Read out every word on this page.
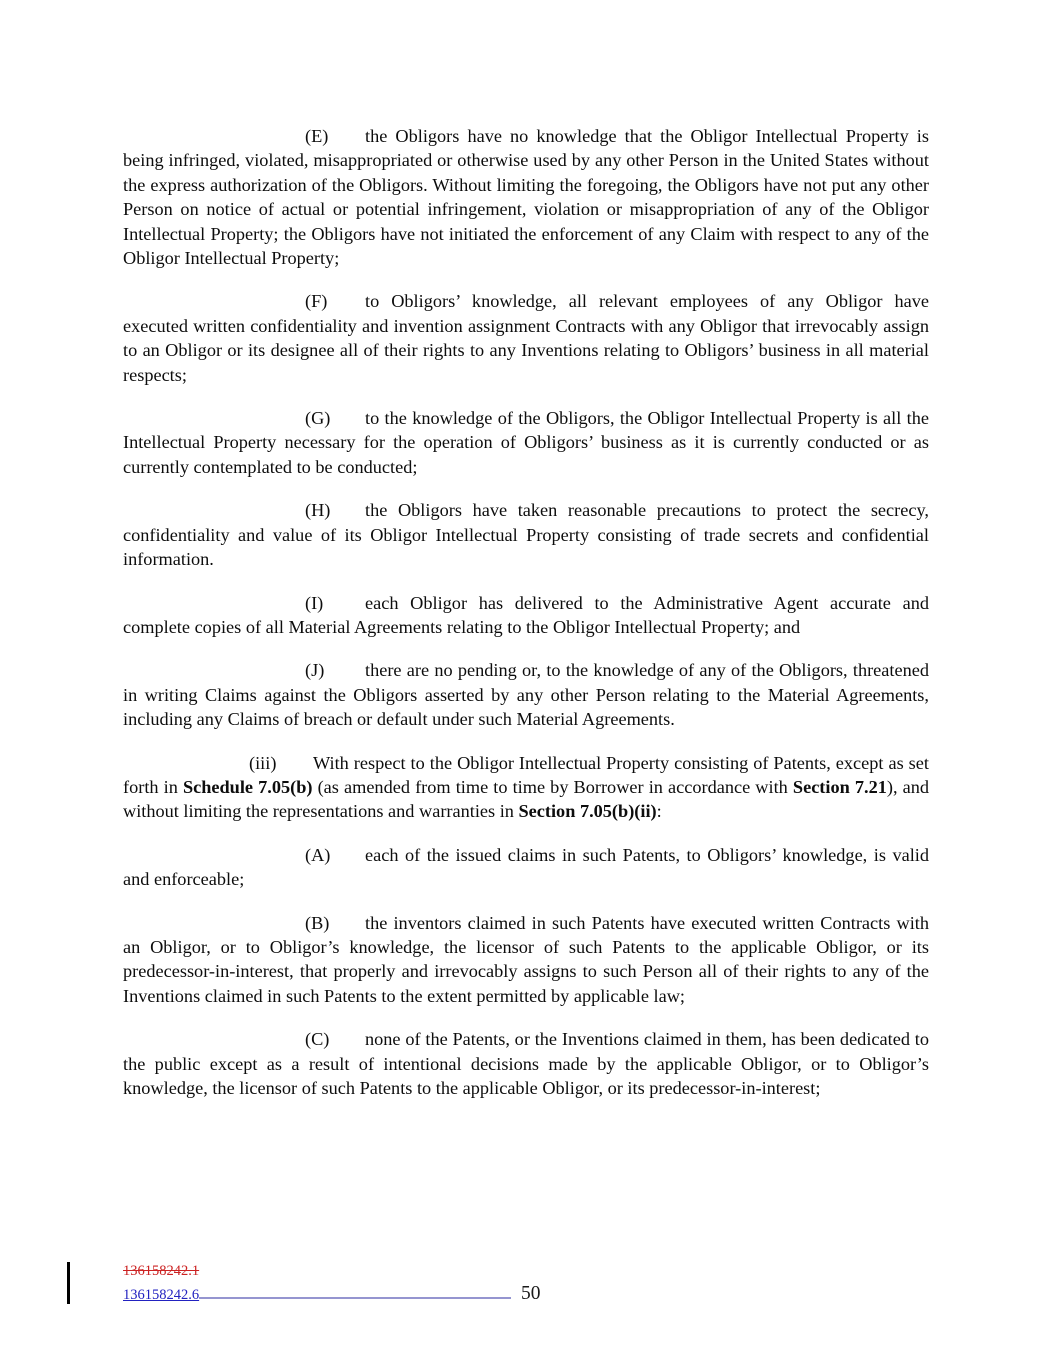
(E) the Obligors have no knowledge that the Obligor Intellectual Property is being infringed, violated, misappropriated or otherwise used by any other Person in the United States without the express authorization of the Obligors. Without limiting the foregoing, the Obligors have not put any other Person on notice of actual or potential infringement, violation or misappropriation of any of the Obligor Intellectual Property; the Obligors have not initiated the enforcement of any Claim with respect to any of the Obligor Intellectual Property;

(F) to Obligors’ knowledge, all relevant employees of any Obligor have executed written confidentiality and invention assignment Contracts with any Obligor that irrevocably assign to an Obligor or its designee all of their rights to any Inventions relating to Obligors’ business in all material respects;

(G) to the knowledge of the Obligors, the Obligor Intellectual Property is all the Intellectual Property necessary for the operation of Obligors’ business as it is currently conducted or as currently contemplated to be conducted;

(H) the Obligors have taken reasonable precautions to protect the secrecy, confidentiality and value of its Obligor Intellectual Property consisting of trade secrets and confidential information.

(I) each Obligor has delivered to the Administrative Agent accurate and complete copies of all Material Agreements relating to the Obligor Intellectual Property; and

(J) there are no pending or, to the knowledge of any of the Obligors, threatened in writing Claims against the Obligors asserted by any other Person relating to the Material Agreements, including any Claims of breach or default under such Material Agreements.

(iii) With respect to the Obligor Intellectual Property consisting of Patents, except as set forth in Schedule 7.05(b) (as amended from time to time by Borrower in accordance with Section 7.21), and without limiting the representations and warranties in Section 7.05(b)(ii):

(A) each of the issued claims in such Patents, to Obligors’ knowledge, is valid and enforceable;

(B) the inventors claimed in such Patents have executed written Contracts with an Obligor, or to Obligor’s knowledge, the licensor of such Patents to the applicable Obligor, or its predecessor-in-interest, that properly and irrevocably assigns to such Person all of their rights to any of the Inventions claimed in such Patents to the extent permitted by applicable law;

(C) none of the Patents, or the Inventions claimed in them, has been dedicated to the public except as a result of intentional decisions made by the applicable Obligor, or to Obligor’s knowledge, the licensor of such Patents to the applicable Obligor, or its predecessor-in-interest;

136158242.1
136158242.6	50
